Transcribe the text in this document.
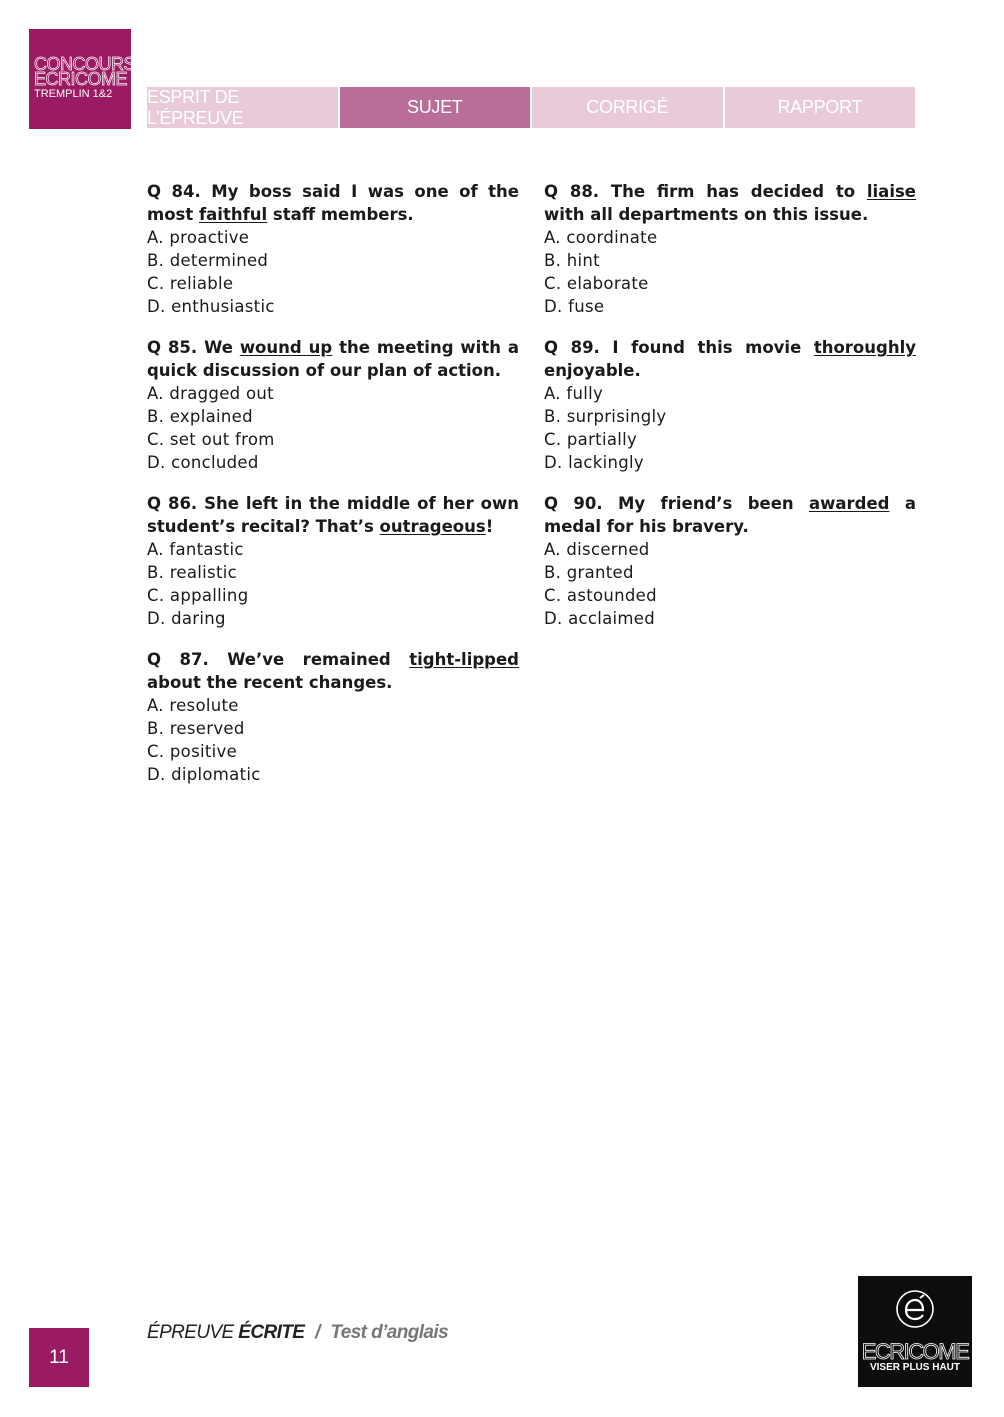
CONCOURS
ECRICOME
TREMPLIN 1&2	ESPRIT DE L’ÉPREUVE
SUJET	CORRIGÉ	RAPPORT
Q 84. My boss said I was one of the most faithful staff members.
A. proactive
B. determined
C. reliable
D. enthusiastic
Q 85. We wound up the meeting with a quick discussion of our plan of action.
A. dragged out
B. explained
C. set out from
D. concluded
Q 86. She left in the middle of her own student’s recital? That’s outrageous!
A. fantastic
B. realistic
C. appalling
D. daring
Q 87. We’ve remained tight-lipped about the recent changes.
A. resolute
B. reserved
C. positive
D. diplomatic
Q 88. The firm has decided to liaise with all departments on this issue.
A. coordinate
B. hint
C. elaborate
D. fuse
Q 89. I found this movie thoroughly enjoyable.
A. fully
B. surprisingly
C. partially
D. lackingly
Q 90. My friend’s been awarded a medal for his bravery.
A. discerned
B. granted
C. astounded
D. acclaimed
11
ÉPREUVE ÉCRITE / Test d’anglais
ECRICOME
VISER PLUS HAUT
